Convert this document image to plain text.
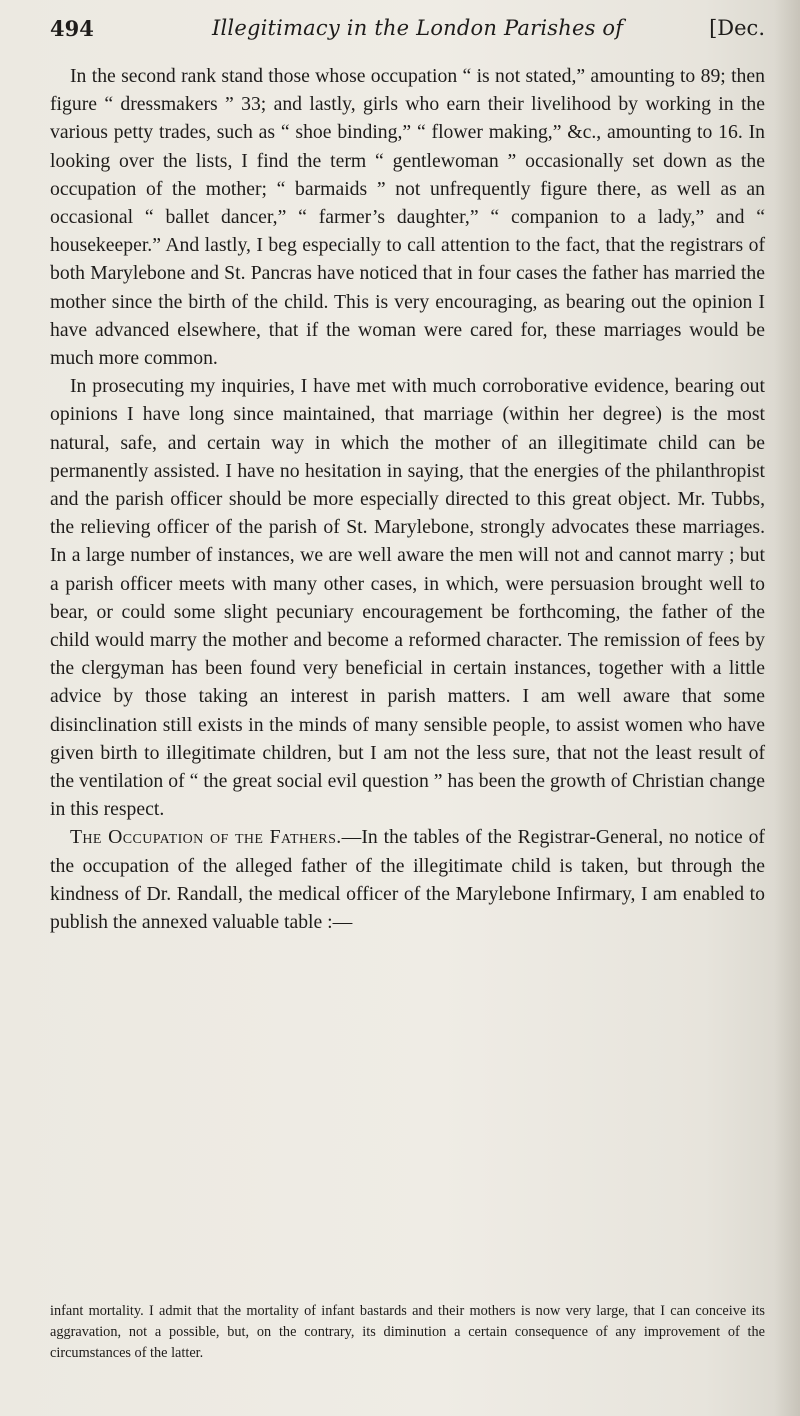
494	Illegitimacy in the London Parishes of	[Dec.

In the second rank stand those whose occupation “ is not stated,” amounting to 89; then figure “ dressmakers ” 33; and lastly, girls who earn their livelihood by working in the various petty trades, such as “ shoe binding,” “ flower making,” &c., amounting to 16. In looking over the lists, I find the term “ gentlewoman ” occasionally set down as the occupation of the mother; “ barmaids ” not unfrequently figure there, as well as an occasional “ ballet dancer,” “ farmer’s daughter,” “ companion to a lady,” and “ housekeeper.” And lastly, I beg especially to call attention to the fact, that the registrars of both Marylebone and St. Pancras have noticed that in four cases the father has married the mother since the birth of the child. This is very encouraging, as bearing out the opinion I have advanced elsewhere, that if the woman were cared for, these marriages would be much more common.

In prosecuting my inquiries, I have met with much corroborative evidence, bearing out opinions I have long since maintained, that marriage (within her degree) is the most natural, safe, and certain way in which the mother of an illegitimate child can be permanently assisted. I have no hesitation in saying, that the energies of the philanthropist and the parish officer should be more especially directed to this great object. Mr. Tubbs, the relieving officer of the parish of St. Marylebone, strongly advocates these marriages. In a large number of instances, we are well aware the men will not and cannot marry ; but a parish officer meets with many other cases, in which, were persuasion brought well to bear, or could some slight pecuniary encouragement be forthcoming, the father of the child would marry the mother and become a reformed character. The remission of fees by the clergyman has been found very beneficial in certain instances, together with a little advice by those taking an interest in parish matters. I am well aware that some disinclination still exists in the minds of many sensible people, to assist women who have given birth to illegitimate children, but I am not the less sure, that not the least result of the ventilation of “ the great social evil question ” has been the growth of Christian change in this respect.

The Occupation of the Fathers.—In the tables of the Registrar-General, no notice of the occupation of the alleged father of the illegitimate child is taken, but through the kindness of Dr. Randall, the medical officer of the Marylebone Infirmary, I am enabled to publish the annexed valuable table :—

infant mortality. I admit that the mortality of infant bastards and their mothers is now very large, that I can conceive its aggravation, not a possible, but, on the contrary, its diminution a certain consequence of any improvement of the circumstances of the latter.
